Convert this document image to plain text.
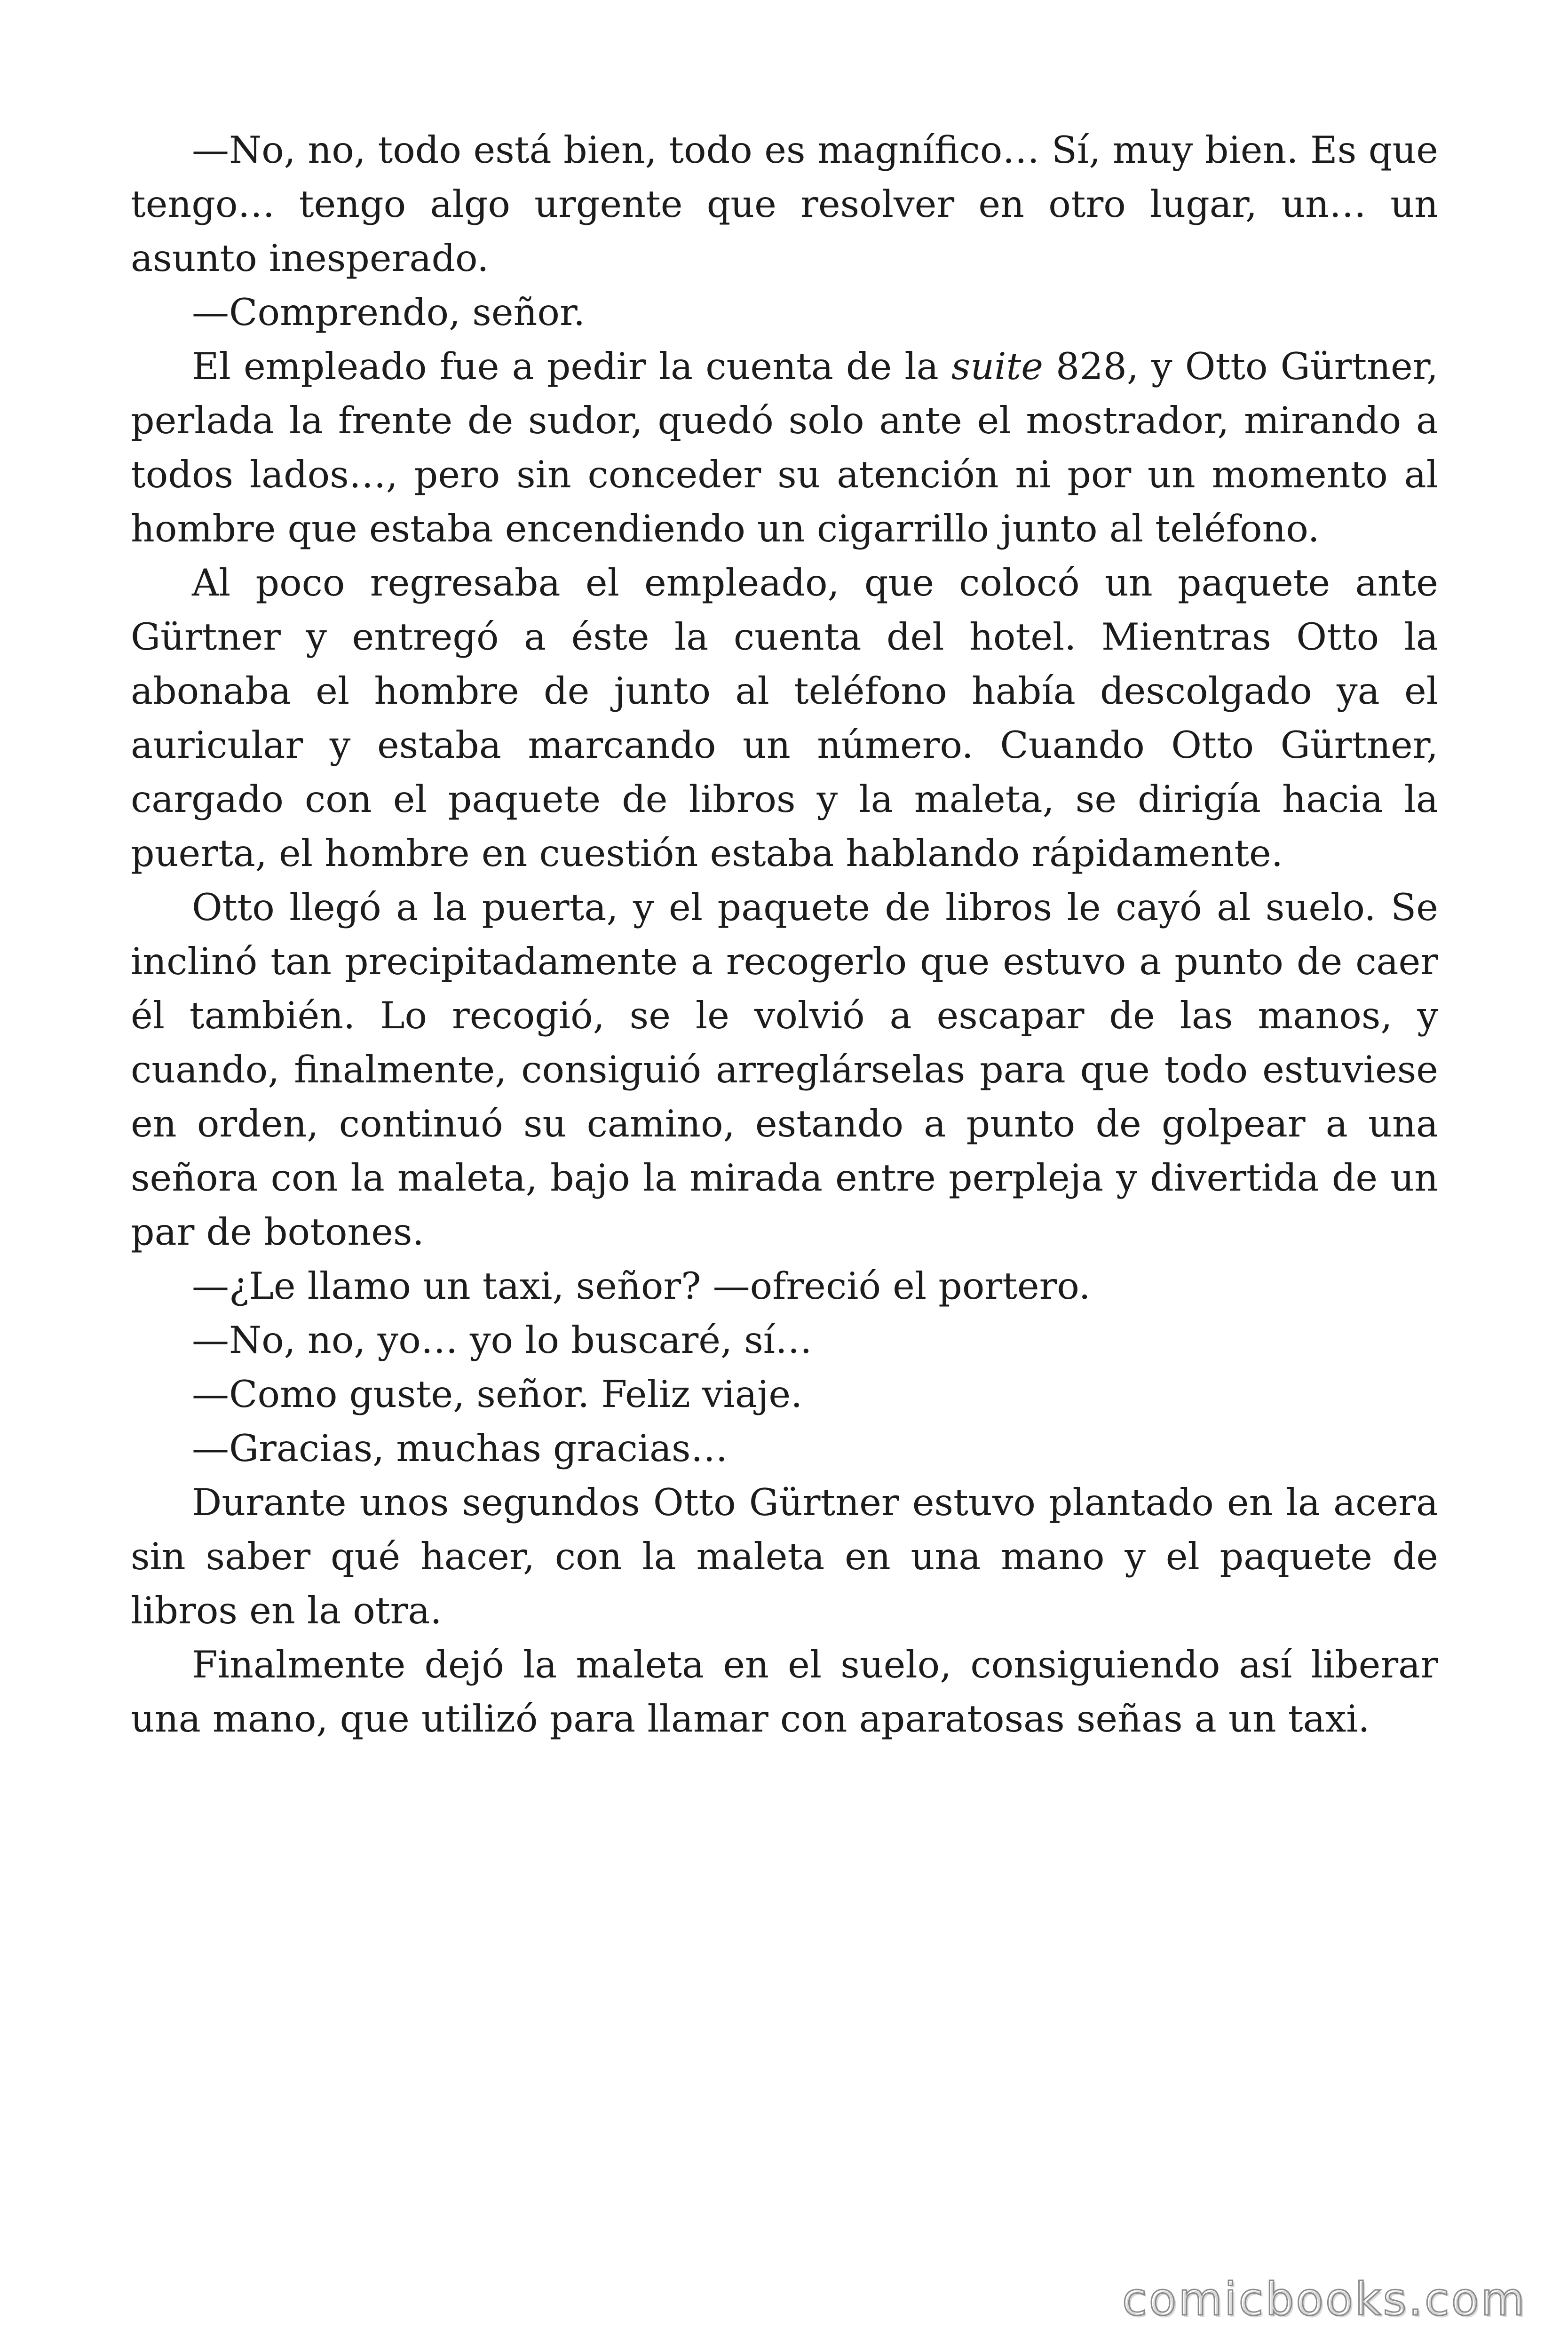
—No, no, todo está bien, todo es magnífico… Sí, muy bien. Es que tengo… tengo algo urgente que resolver en otro lugar, un… un asunto inesperado.

—Comprendo, señor.

El empleado fue a pedir la cuenta de la suite 828, y Otto Gürtner, perlada la frente de sudor, quedó solo ante el mostrador, mirando a todos lados…, pero sin conceder su atención ni por un momento al hombre que estaba encendiendo un cigarrillo junto al teléfono.

Al poco regresaba el empleado, que colocó un paquete ante Gürtner y entregó a éste la cuenta del hotel. Mientras Otto la abonaba el hombre de junto al teléfono había descolgado ya el auricular y estaba marcando un número. Cuando Otto Gürtner, cargado con el paquete de libros y la maleta, se dirigía hacia la puerta, el hombre en cuestión estaba hablando rápidamente.

Otto llegó a la puerta, y el paquete de libros le cayó al suelo. Se inclinó tan precipitadamente a recogerlo que estuvo a punto de caer él también. Lo recogió, se le volvió a escapar de las manos, y cuando, finalmente, consiguió arreglárselas para que todo estuviese en orden, continuó su camino, estando a punto de golpear a una señora con la maleta, bajo la mirada entre perpleja y divertida de un par de botones.

—¿Le llamo un taxi, señor? —ofreció el portero.

—No, no, yo… yo lo buscaré, sí…

—Como guste, señor. Feliz viaje.

—Gracias, muchas gracias…

Durante unos segundos Otto Gürtner estuvo plantado en la acera sin saber qué hacer, con la maleta en una mano y el paquete de libros en la otra.

Finalmente dejó la maleta en el suelo, consiguiendo así liberar una mano, que utilizó para llamar con aparatosas señas a un taxi.

comicbooks.com
